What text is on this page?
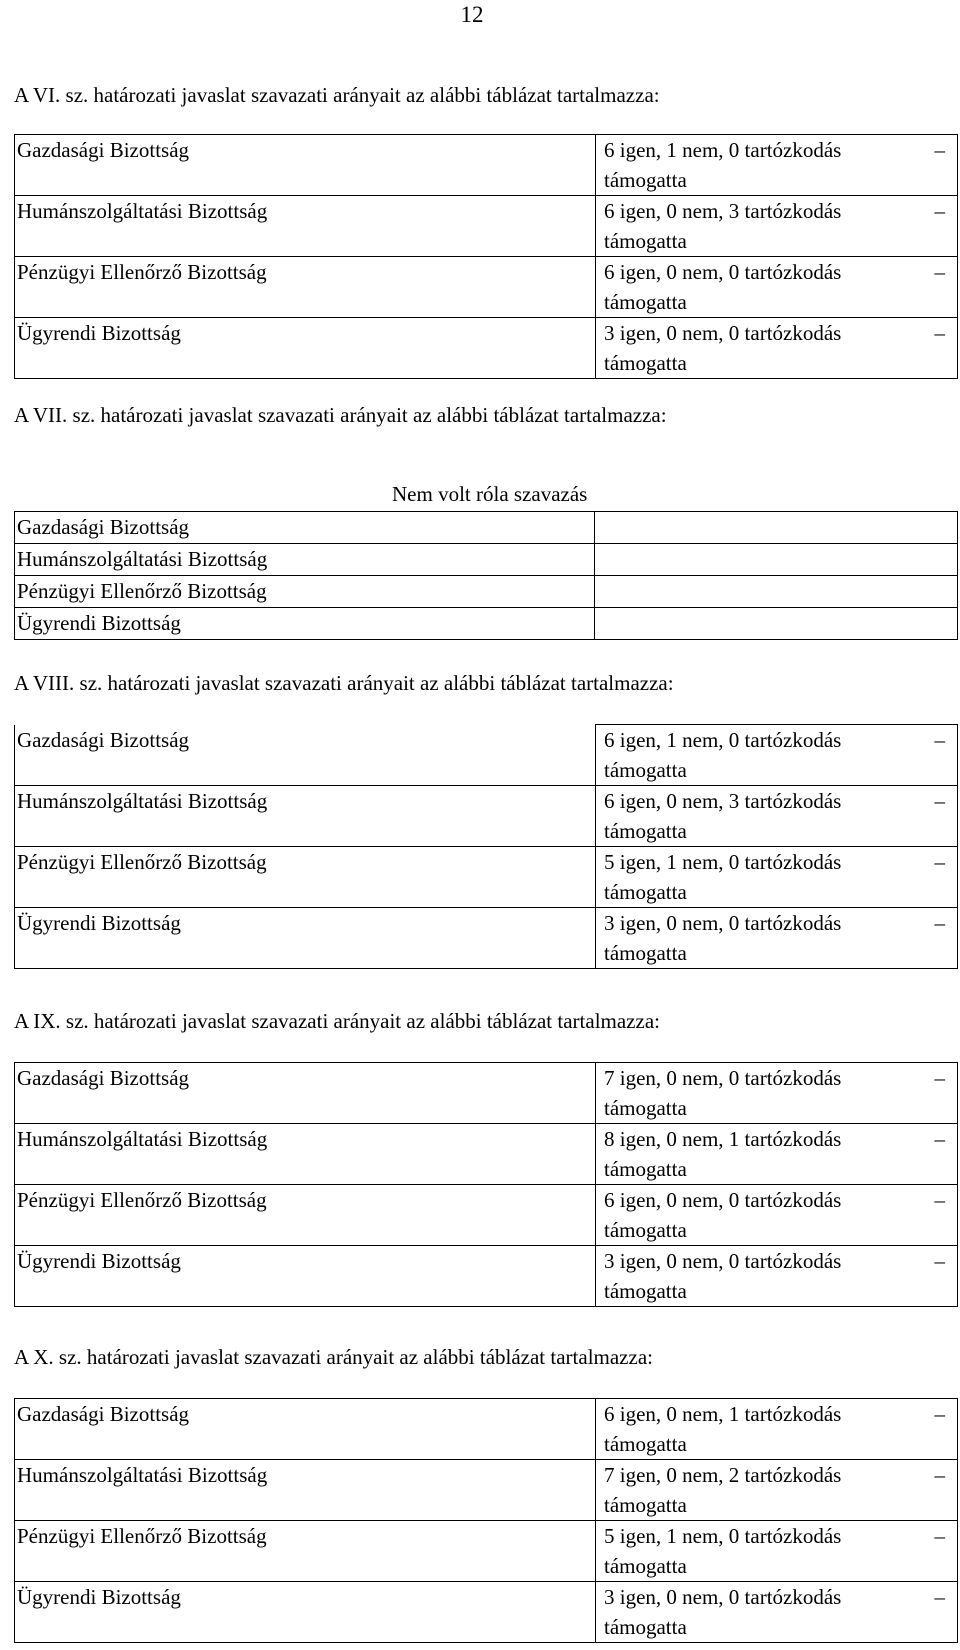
12
A VI. sz. határozati javaslat szavazati arányait az alábbi táblázat tartalmazza:
Gazdasági Bizottság	6 igen, 1 nem, 0 tartózkodás –
támogatta

Humánszolgáltatási Bizottság	6 igen, 0 nem, 3 tartózkodás –
támogatta

Pénzügyi Ellenőrző Bizottság	6 igen, 0 nem, 0 tartózkodás –
támogatta

Ügyrendi Bizottság	3 igen, 0 nem, 0 tartózkodás –
támogatta
A VII. sz. határozati javaslat szavazati arányait az alábbi táblázat tartalmazza:

Gazdasági Bizottság	
Humánszolgáltatási Bizottság	
Pénzügyi Ellenőrző Bizottság	
Ügyrendi Bizottság	
Nem volt róla szavazás
A VIII. sz. határozati javaslat szavazati arányait az alábbi táblázat tartalmazza:
Gazdasági Bizottság	6 igen, 1 nem, 0 tartózkodás –
támogatta

Humánszolgáltatási Bizottság	6 igen, 0 nem, 3 tartózkodás –
támogatta

Pénzügyi Ellenőrző Bizottság	5 igen, 1 nem, 0 tartózkodás –
támogatta

Ügyrendi Bizottság	3 igen, 0 nem, 0 tartózkodás –
támogatta
A IX. sz. határozati javaslat szavazati arányait az alábbi táblázat tartalmazza:
Gazdasági Bizottság	7 igen, 0 nem, 0 tartózkodás –
támogatta

Humánszolgáltatási Bizottság	8 igen, 0 nem, 1 tartózkodás –
támogatta

Pénzügyi Ellenőrző Bizottság	6 igen, 0 nem, 0 tartózkodás –
támogatta

Ügyrendi Bizottság	3 igen, 0 nem, 0 tartózkodás –
támogatta
A X. sz. határozati javaslat szavazati arányait az alábbi táblázat tartalmazza:
Gazdasági Bizottság	6 igen, 0 nem, 1 tartózkodás –
támogatta

Humánszolgáltatási Bizottság	7 igen, 0 nem, 2 tartózkodás –
támogatta

Pénzügyi Ellenőrző Bizottság	5 igen, 1 nem, 0 tartózkodás –
támogatta

Ügyrendi Bizottság	3 igen, 0 nem, 0 tartózkodás –
támogatta
